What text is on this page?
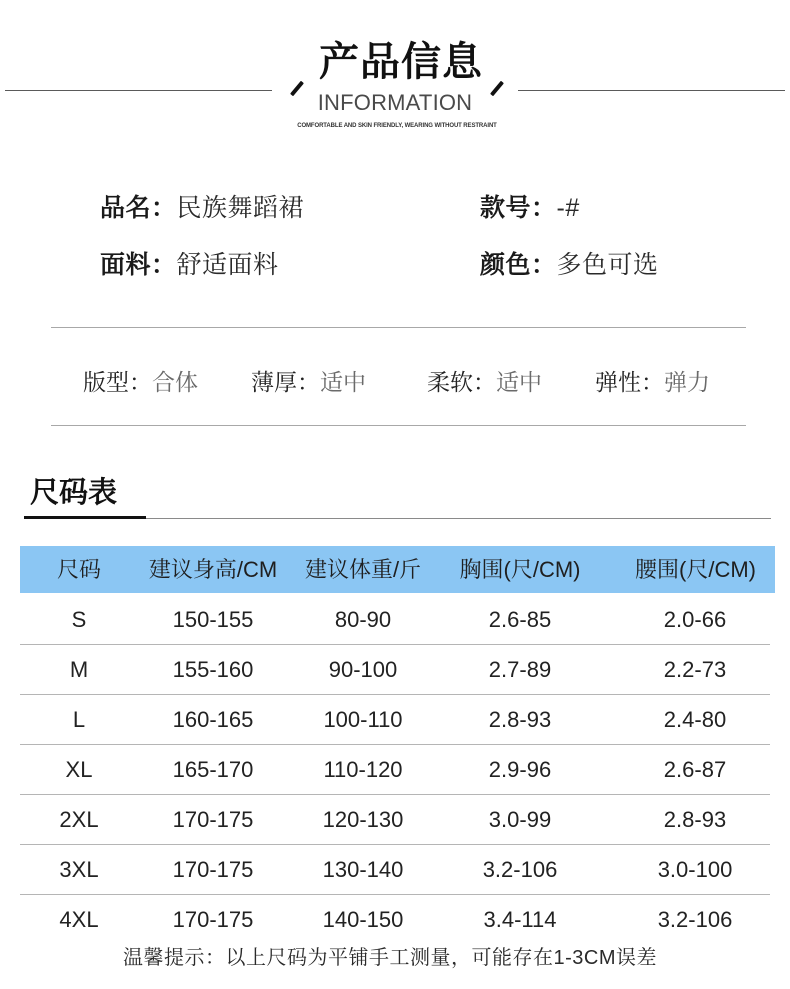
产品信息
INFORMATION
COMFORTABLE AND SKIN FRIENDLY, WEARING WITHOUT RESTRAINT
品名：民族舞蹈裙	款号：-#
面料：舒适面料	颜色：多色可选
版型：合体 薄厚：适中	柔软：适中 弹性：弹力
尺码表
尺码	建议身高/CM	建议体重/斤	胸围(尺/CM)	腰围(尺/CM)
S	150-155	80-90	2.6-85	2.0-66
M	155-160	90-100	2.7-89	2.2-73
L	160-165	100-110	2.8-93	2.4-80
XL	165-170	110-120	2.9-96	2.6-87
2XL	170-175	120-130	3.0-99	2.8-93
3XL	170-175	130-140	3.2-106	3.0-100
4XL	170-175	140-150	3.4-114	3.2-106
温馨提示：以上尺码为平铺手工测量，可能存在1-3CM误差
